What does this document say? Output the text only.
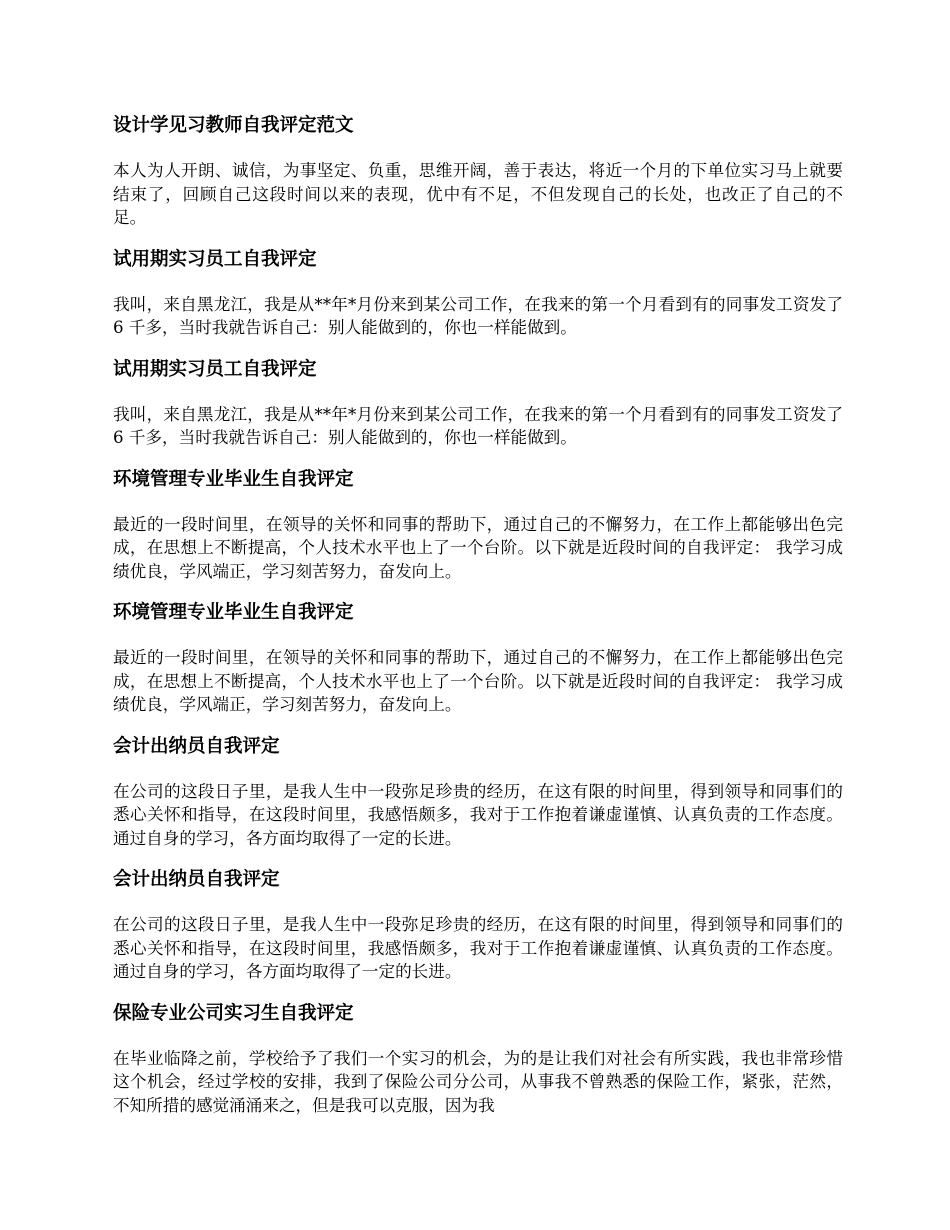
设计学见习教师自我评定范文
本人为人开朗、诚信，为事坚定、负重，思维开阔，善于表达，将近一个月的下单位实习马上就要结束了，回顾自己这段时间以来的表现，优中有不足，不但发现自己的长处，也改正了自己的不足。
试用期实习员工自我评定
我叫，来自黑龙江，我是从**年*月份来到某公司工作，在我来的第一个月看到有的同事发工资发了 6 千多，当时我就告诉自己：别人能做到的，你也一样能做到。
试用期实习员工自我评定
我叫，来自黑龙江，我是从**年*月份来到某公司工作，在我来的第一个月看到有的同事发工资发了 6 千多，当时我就告诉自己：别人能做到的，你也一样能做到。
环境管理专业毕业生自我评定
最近的一段时间里，在领导的关怀和同事的帮助下，通过自己的不懈努力，在工作上都能够出色完成，在思想上不断提高，个人技术水平也上了一个台阶。以下就是近段时间的自我评定： 我学习成绩优良，学风端正，学习刻苦努力，奋发向上。
环境管理专业毕业生自我评定
最近的一段时间里，在领导的关怀和同事的帮助下，通过自己的不懈努力，在工作上都能够出色完成，在思想上不断提高，个人技术水平也上了一个台阶。以下就是近段时间的自我评定： 我学习成绩优良，学风端正，学习刻苦努力，奋发向上。
会计出纳员自我评定
在公司的这段日子里，是我人生中一段弥足珍贵的经历，在这有限的时间里，得到领导和同事们的悉心关怀和指导，在这段时间里，我感悟颇多，我对于工作抱着谦虚谨慎、认真负责的工作态度。通过自身的学习，各方面均取得了一定的长进。
会计出纳员自我评定
在公司的这段日子里，是我人生中一段弥足珍贵的经历，在这有限的时间里，得到领导和同事们的悉心关怀和指导，在这段时间里，我感悟颇多，我对于工作抱着谦虚谨慎、认真负责的工作态度。通过自身的学习，各方面均取得了一定的长进。
保险专业公司实习生自我评定
在毕业临降之前，学校给予了我们一个实习的机会，为的是让我们对社会有所实践，我也非常珍惜这个机会，经过学校的安排，我到了保险公司分公司，从事我不曾熟悉的保险工作，紧张，茫然，不知所措的感觉涌涌来之，但是我可以克服，因为我
